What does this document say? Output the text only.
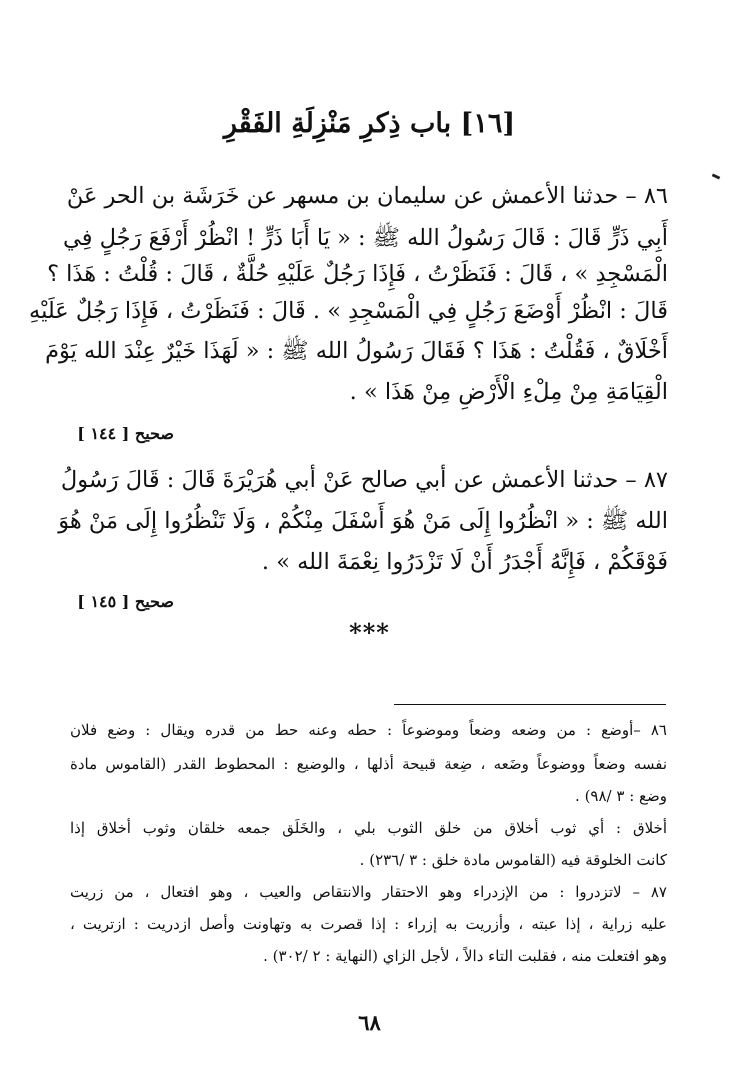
[١٦] باب ذِكرِ مَنْزِلَةِ الفَقْرِ
٨٦ – حدثنا الأعمش عن سليمان بن مسهر عن خَرَشَة بن الحر عَنْ
أَبِي ذَرٍّ قَالَ : قَالَ رَسُولُ الله ﷺ : « يَا أَبَا ذَرٍّ ! انْظُرْ أَرْفَعَ رَجُلٍ فِي
الْمَسْجِدِ » ، قَالَ : فَنَظَرْتُ ، فَإِذَا رَجُلٌ عَلَيْهِ حُلَّةٌ ، قَالَ : قُلْتُ : هَذَا ؟
قَالَ : انْظُرْ أَوْضَعَ رَجُلٍ فِي الْمَسْجِدِ » . قَالَ : فَنَظَرْتُ ، فَإِذَا رَجُلٌ عَلَيْهِ
أَخْلَاقٌ ، فَقُلْتُ : هَذَا ؟ فَقَالَ رَسُولُ الله ﷺ : « لَهَذَا خَيْرٌ عِنْدَ الله يَوْمَ
الْقِيَامَةِ مِنْ مِلْءِ الْأَرْضِ مِنْ هَذَا » .
صحيح [ ١٤٤ ]
٨٧ – حدثنا الأعمش عن أبي صالح عَنْ أبي هُرَيْرَةَ قَالَ : قَالَ رَسُولُ
الله ﷺ : « انْظُرُوا إِلَى مَنْ هُوَ أَسْفَلَ مِنْكُمْ ، وَلَا تَنْظُرُوا إِلَى مَنْ هُوَ
فَوْقَكُمْ ، فَإِنَّهُ أَجْدَرُ أَنْ لَا تَزْدَرُوا نِعْمَةَ الله » .
صحيح [ ١٤٥ ]
***
٨٦ –أوضع : من وضعه وضعاً وموضوعاً : حطه وعنه حط من قدره ويقال : وضع فلان
نفسه وضعاً ووضوعاً وضَعه ، ضِعة قبيحة أذلها ، والوضيع : المحطوط القدر (القاموس مادة
وضع : ٣ /٩٨) .
أخلاق : أي ثوب أخلاق من خلق الثوب بلي ، والخَلَق جمعه خلقان وثوب أخلاق إذا
كانت الخلوقة فيه (القاموس مادة خلق : ٣ /٢٣٦) .
٨٧ – لاتزدروا : من الإزدراء وهو الاحتقار والانتقاص والعيب ، وهو افتعال ، من زريت
عليه زراية ، إذا عبته ، وأزريت به إزراء : إذا قصرت به وتهاونت وأصل ازدريت : ازتريت ،
وهو افتعلت منه ، فقلبت التاء دالاً ، لأجل الزاي (النهاية : ٢ /٣٠٢) .
٦٨
